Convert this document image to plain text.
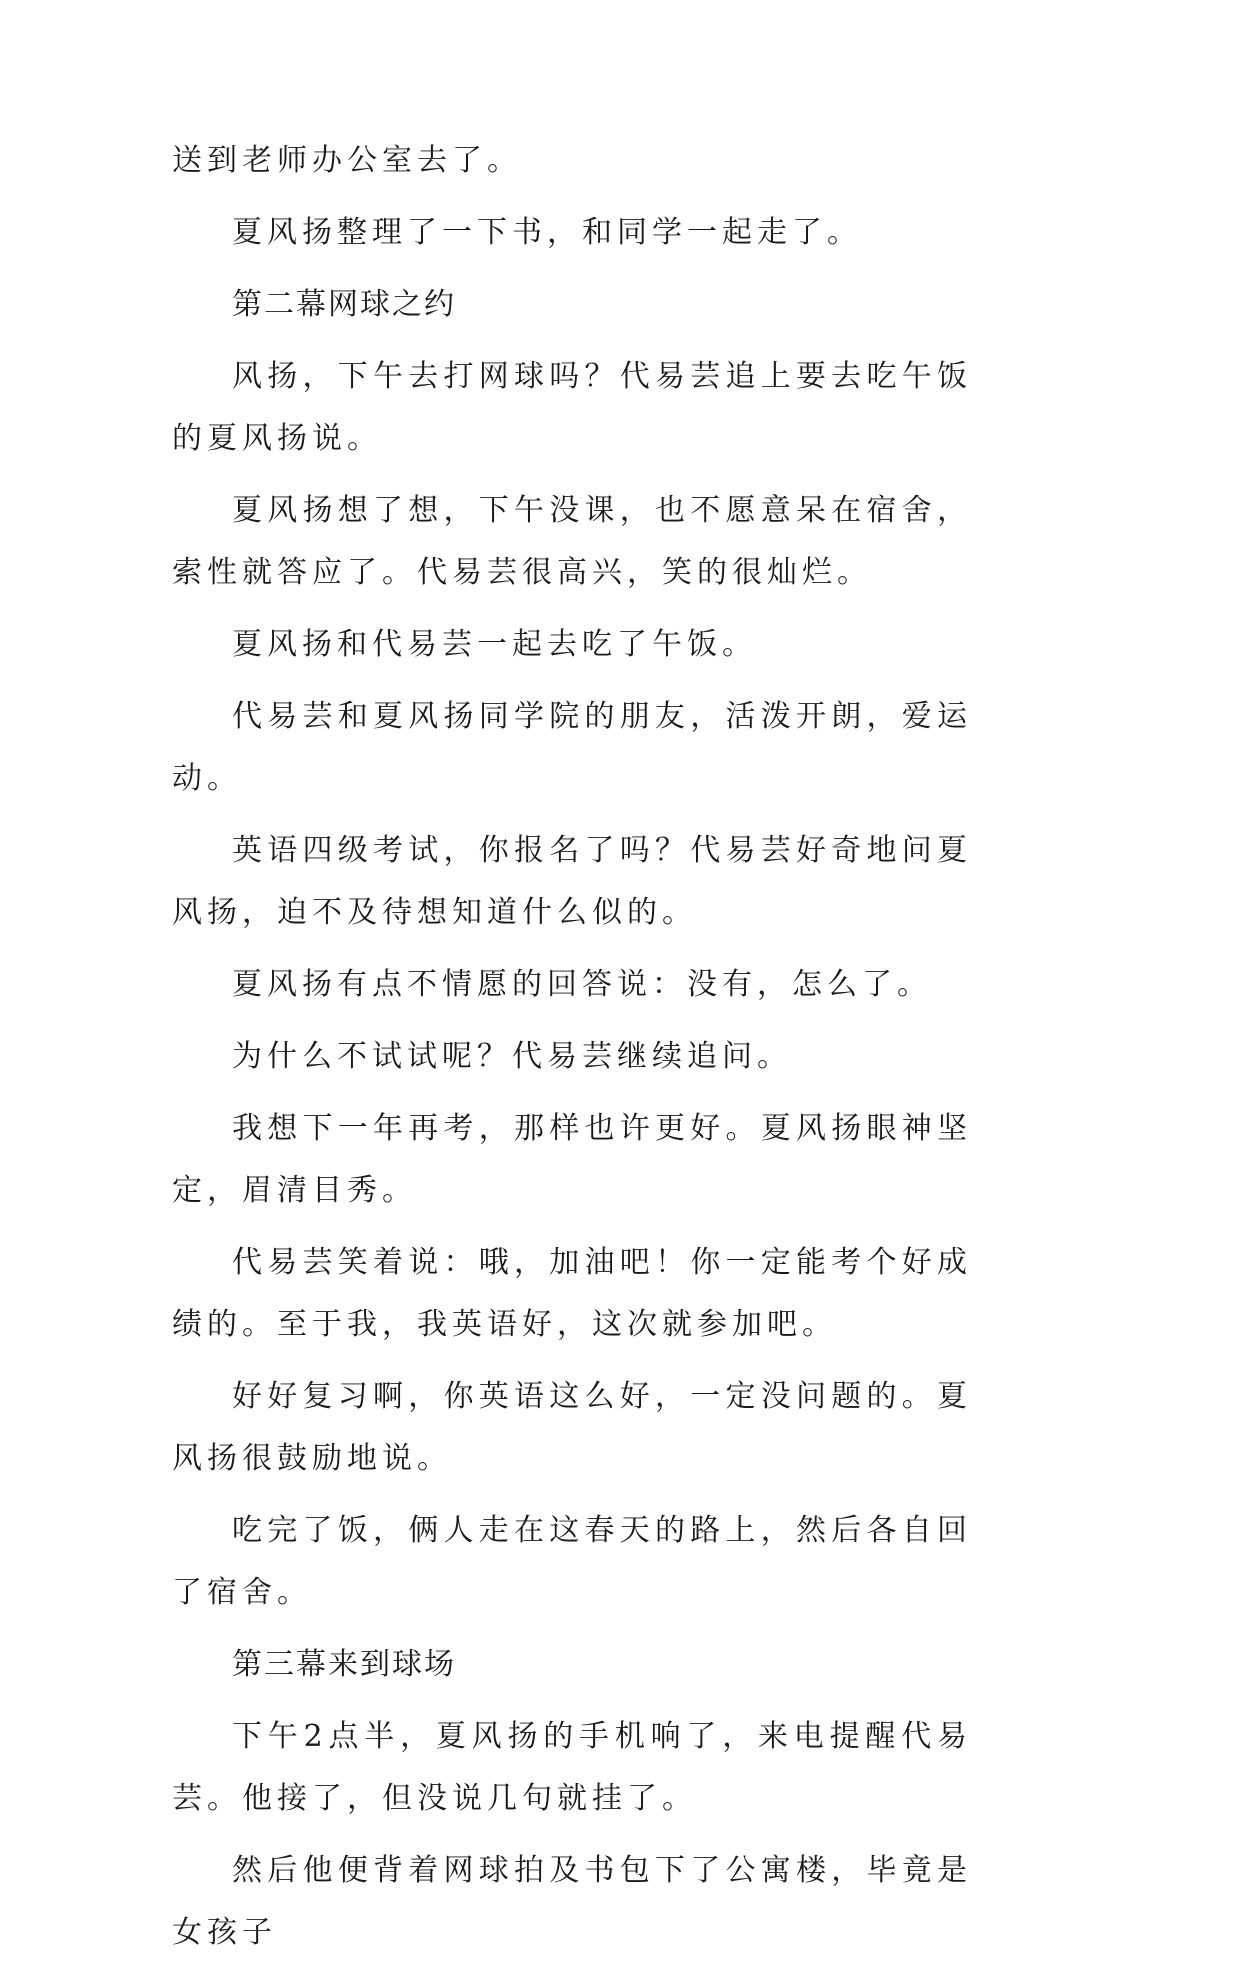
送到老师办公室去了。

夏风扬整理了一下书，和同学一起走了。

第二幕网球之约

风扬，下午去打网球吗？代易芸追上要去吃午饭的夏风扬说。

夏风扬想了想，下午没课，也不愿意呆在宿舍，索性就答应了。代易芸很高兴，笑的很灿烂。

夏风扬和代易芸一起去吃了午饭。

代易芸和夏风扬同学院的朋友，活泼开朗，爱运动。

英语四级考试，你报名了吗？代易芸好奇地问夏风扬，迫不及待想知道什么似的。

夏风扬有点不情愿的回答说：没有，怎么了。

为什么不试试呢？代易芸继续追问。

我想下一年再考，那样也许更好。夏风扬眼神坚定，眉清目秀。

代易芸笑着说：哦，加油吧！你一定能考个好成绩的。至于我，我英语好，这次就参加吧。

好好复习啊，你英语这么好，一定没问题的。夏风扬很鼓励地说。

吃完了饭，俩人走在这春天的路上，然后各自回了宿舍。

第三幕来到球场

下午2点半，夏风扬的手机响了，来电提醒代易芸。他接了，但没说几句就挂了。

然后他便背着网球拍及书包下了公寓楼，毕竟是女孩子
